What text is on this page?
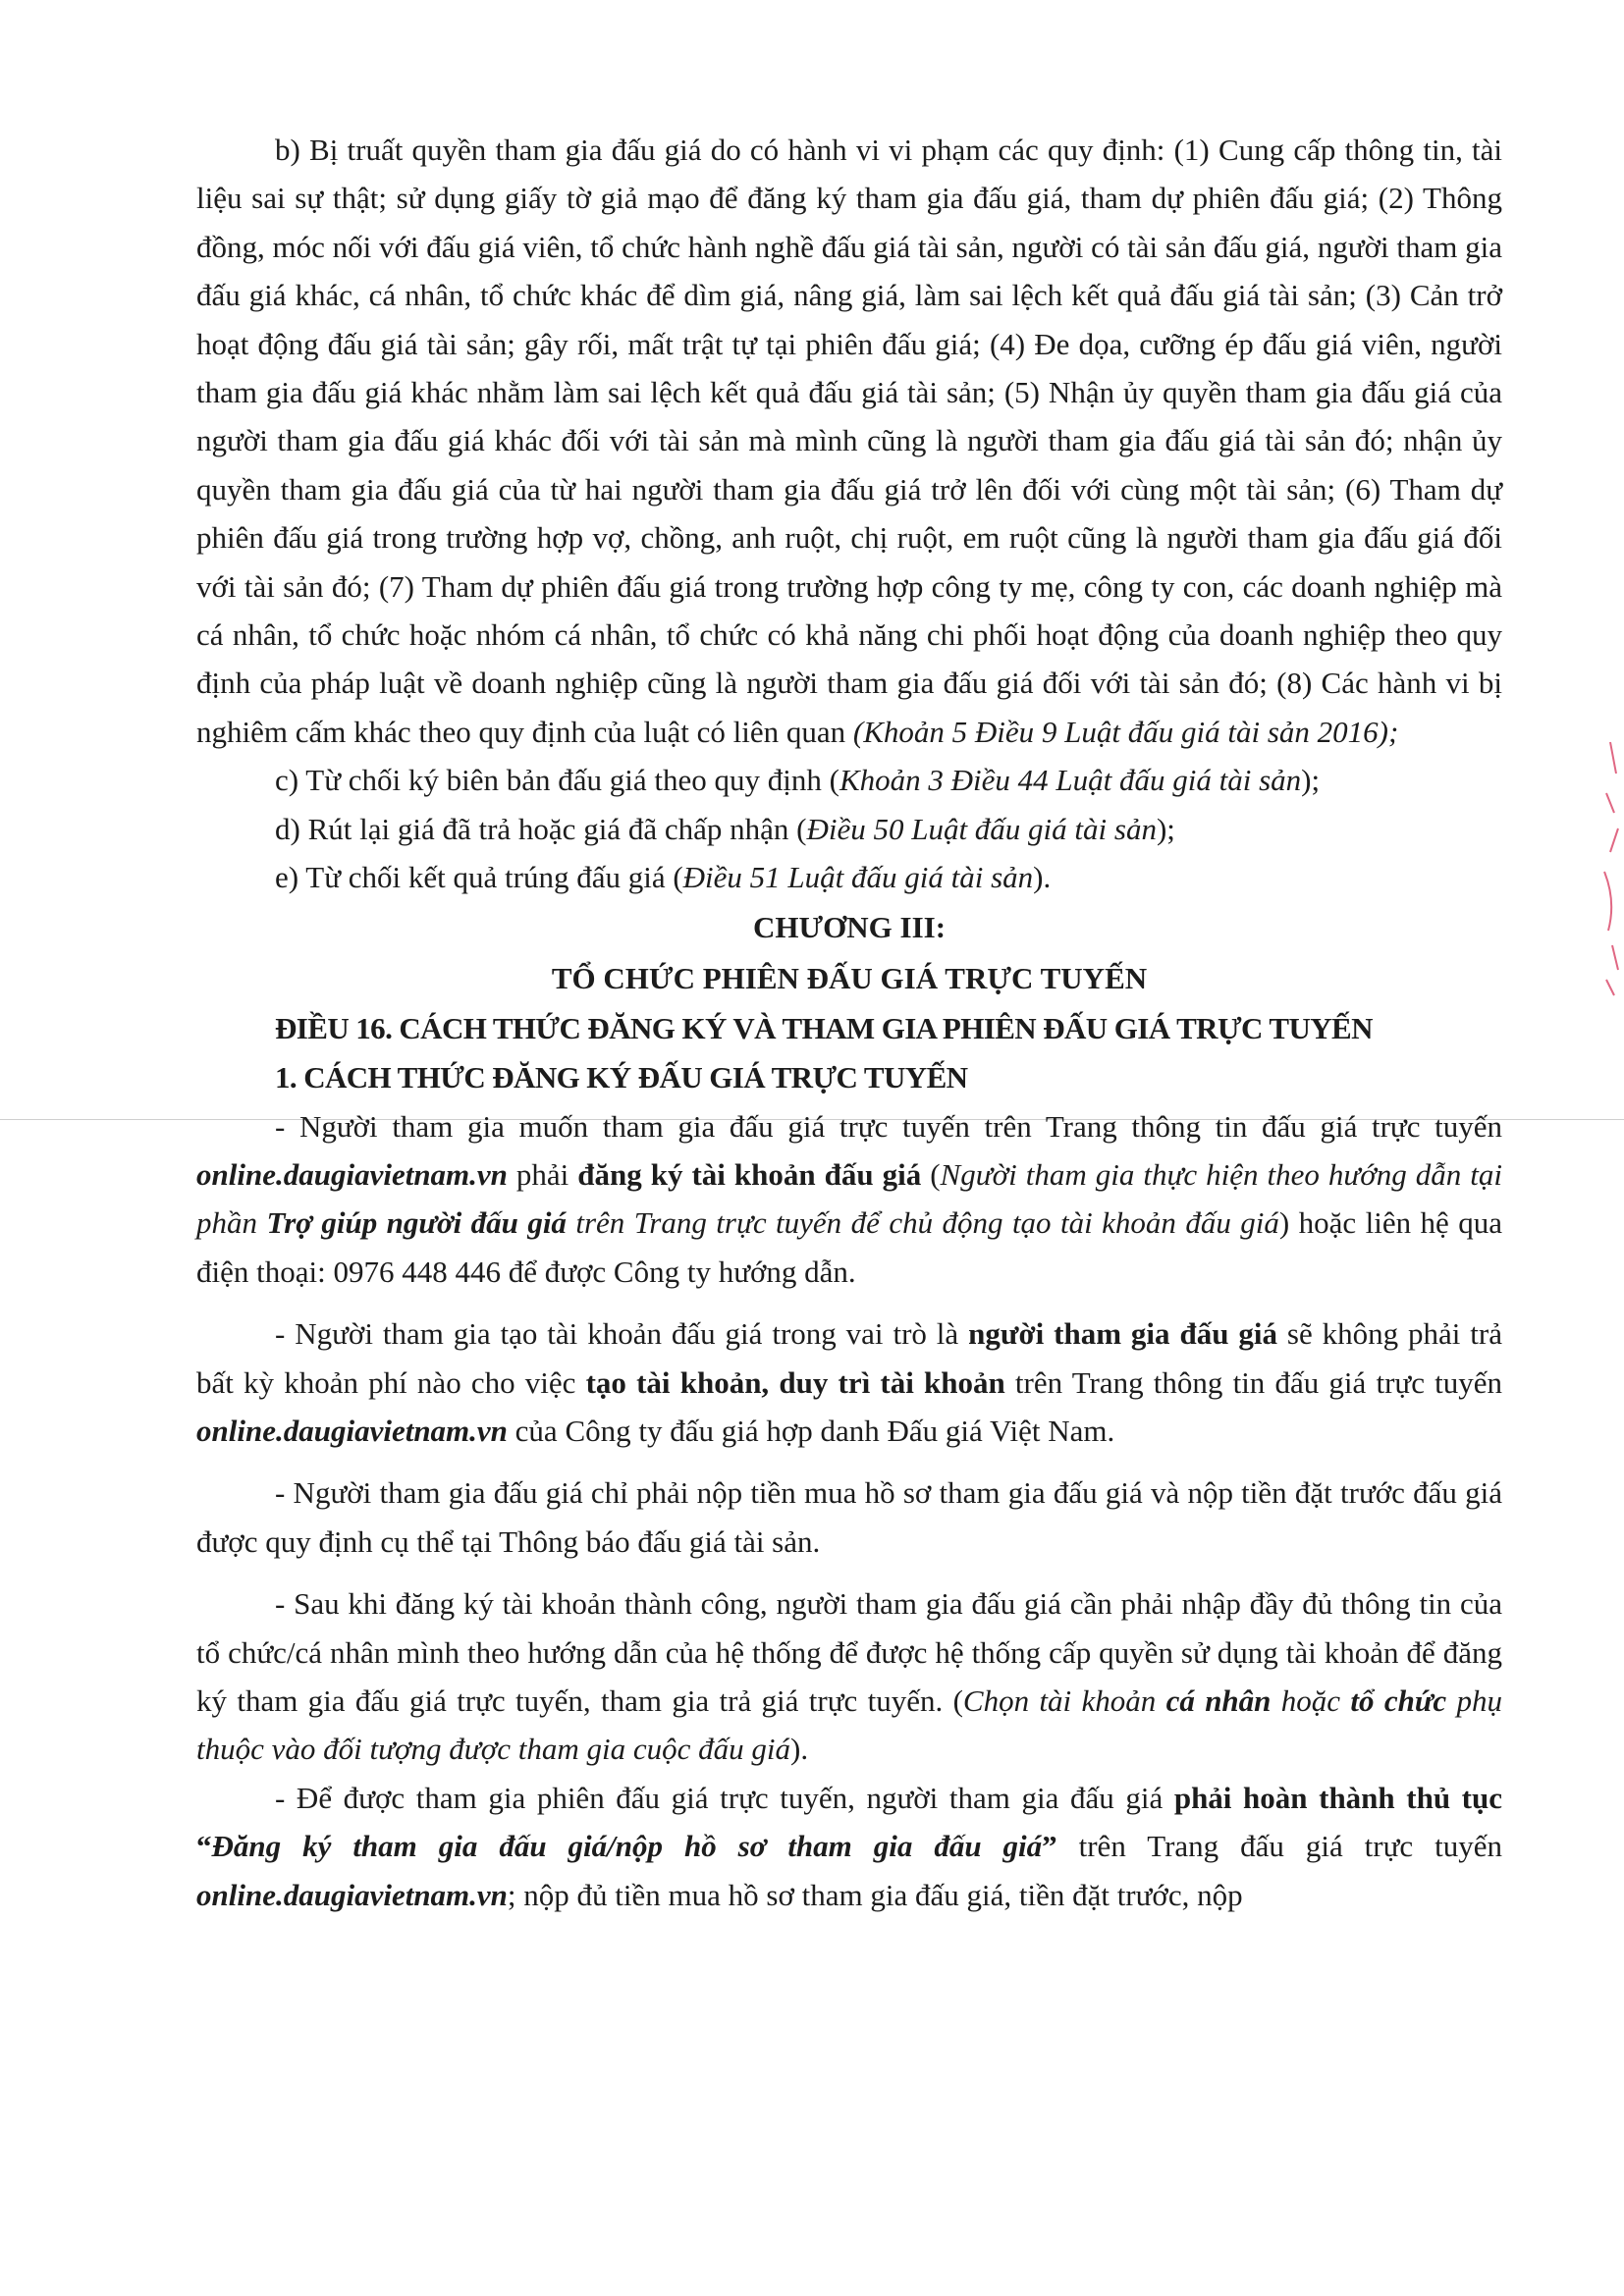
b) Bị truất quyền tham gia đấu giá do có hành vi vi phạm các quy định: (1) Cung cấp thông tin, tài liệu sai sự thật; sử dụng giấy tờ giả mạo để đăng ký tham gia đấu giá, tham dự phiên đấu giá; (2) Thông đồng, móc nối với đấu giá viên, tổ chức hành nghề đấu giá tài sản, người có tài sản đấu giá, người tham gia đấu giá khác, cá nhân, tổ chức khác để dìm giá, nâng giá, làm sai lệch kết quả đấu giá tài sản; (3) Cản trở hoạt động đấu giá tài sản; gây rối, mất trật tự tại phiên đấu giá; (4) Đe dọa, cưỡng ép đấu giá viên, người tham gia đấu giá khác nhằm làm sai lệch kết quả đấu giá tài sản; (5) Nhận ủy quyền tham gia đấu giá của người tham gia đấu giá khác đối với tài sản mà mình cũng là người tham gia đấu giá tài sản đó; nhận ủy quyền tham gia đấu giá của từ hai người tham gia đấu giá trở lên đối với cùng một tài sản; (6) Tham dự phiên đấu giá trong trường hợp vợ, chồng, anh ruột, chị ruột, em ruột cũng là người tham gia đấu giá đối với tài sản đó; (7) Tham dự phiên đấu giá trong trường hợp công ty mẹ, công ty con, các doanh nghiệp mà cá nhân, tổ chức hoặc nhóm cá nhân, tổ chức có khả năng chi phối hoạt động của doanh nghiệp theo quy định của pháp luật về doanh nghiệp cũng là người tham gia đấu giá đối với tài sản đó; (8) Các hành vi bị nghiêm cấm khác theo quy định của luật có liên quan (Khoản 5 Điều 9 Luật đấu giá tài sản 2016);

c) Từ chối ký biên bản đấu giá theo quy định (Khoản 3 Điều 44 Luật đấu giá tài sản);

d) Rút lại giá đã trả hoặc giá đã chấp nhận (Điều 50 Luật đấu giá tài sản);

e) Từ chối kết quả trúng đấu giá (Điều 51 Luật đấu giá tài sản).

CHƯƠNG III:

TỔ CHỨC PHIÊN ĐẤU GIÁ TRỰC TUYẾN

ĐIỀU 16. CÁCH THỨC ĐĂNG KÝ VÀ THAM GIA PHIÊN ĐẤU GIÁ TRỰC TUYẾN

1. CÁCH THỨC ĐĂNG KÝ ĐẤU GIÁ TRỰC TUYẾN

- Người tham gia muốn tham gia đấu giá trực tuyến trên Trang thông tin đấu giá trực tuyến online.daugiavietnam.vn phải đăng ký tài khoản đấu giá (Người tham gia thực hiện theo hướng dẫn tại phần Trợ giúp người đấu giá trên Trang trực tuyến để chủ động tạo tài khoản đấu giá) hoặc liên hệ qua điện thoại: 0976 448 446 để được Công ty hướng dẫn.

- Người tham gia tạo tài khoản đấu giá trong vai trò là người tham gia đấu giá sẽ không phải trả bất kỳ khoản phí nào cho việc tạo tài khoản, duy trì tài khoản trên Trang thông tin đấu giá trực tuyến online.daugiavietnam.vn của Công ty đấu giá hợp danh Đấu giá Việt Nam.

- Người tham gia đấu giá chỉ phải nộp tiền mua hồ sơ tham gia đấu giá và nộp tiền đặt trước đấu giá được quy định cụ thể tại Thông báo đấu giá tài sản.

- Sau khi đăng ký tài khoản thành công, người tham gia đấu giá cần phải nhập đầy đủ thông tin của tổ chức/cá nhân mình theo hướng dẫn của hệ thống để được hệ thống cấp quyền sử dụng tài khoản để đăng ký tham gia đấu giá trực tuyến, tham gia trả giá trực tuyến. (Chọn tài khoản cá nhân hoặc tổ chức phụ thuộc vào đối tượng được tham gia cuộc đấu giá).

- Để được tham gia phiên đấu giá trực tuyến, người tham gia đấu giá phải hoàn thành thủ tục “Đăng ký tham gia đấu giá/nộp hồ sơ tham gia đấu giá” trên Trang đấu giá trực tuyến online.daugiavietnam.vn; nộp đủ tiền mua hồ sơ tham gia đấu giá, tiền đặt trước, nộp
